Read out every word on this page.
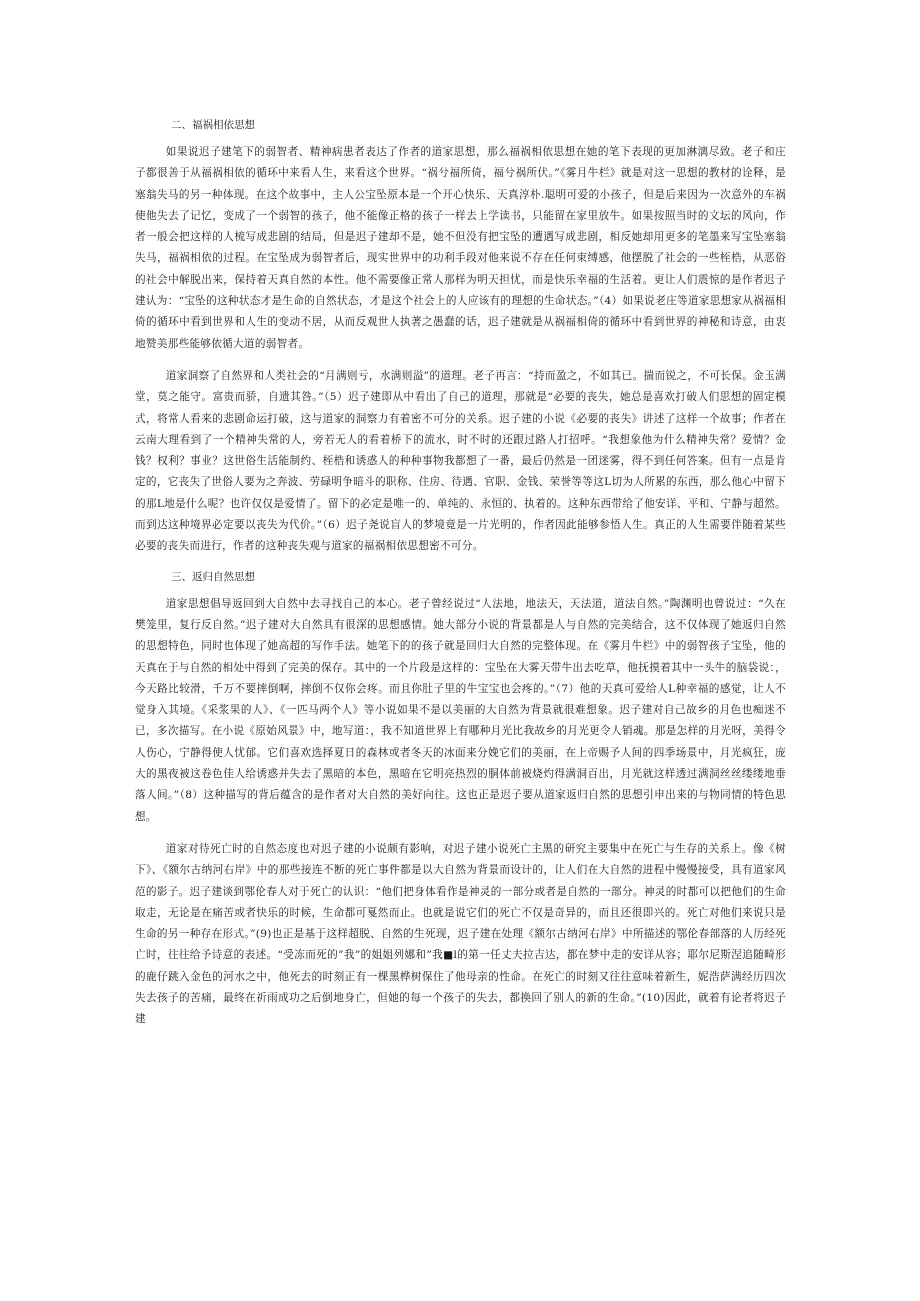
二、福祸相依思想

如果说迟子建笔下的弱智者、精神病患者表达了作者的道家思想，那么福祸相依思想在她的笔下表现的更加淋漓尽致。老子和庄子都很善于从福祸相依的循环中来看人生，来看这个世界。“祸兮福所倚，福兮祸所伏。”《雾月牛栏》就是对这一思想的教材的诠释，是塞翁失马的另一种体现。在这个故事中，主人公宝坠原本是一个开心快乐、天真淳朴.聪明可爱的小孩子，但是后来因为一次意外的车祸使他失去了记忆，变成了一个弱智的孩子，他不能像正格的孩子一样去上学读书，只能留在家里放牛。如果按照当时的文坛的风向，作者一般会把这样的人梳写成悲剧的结局，但是迟子建却不是，她不但没有把宝坠的遭遇写成悲剧，相反她却用更多的笔墨来写宝坠塞翁失马，福祸相依的过程。在宝坠成为弱智者后，现实世界中的功利手段对他来说不存在任何束缚感，他摆脱了社会的一些桎梏，从恶俗的社会中解脱出来，保持着天真自然的本性。他不需要像正常人那样为明天担忧，而是快乐幸福的生活着。更让人们震惊的是作者迟子建认为：“宝坠的这种状态才是生命的自然状态，才是这个社会上的人应该有的理想的生命状态。”（4）如果说老庄等道家思想家从祸福相倚的循环中看到世界和人生的变动不居，从而反观世人执著之愚蠢的话，迟子建就是从祸福相倚的循环中看到世界的神秘和诗意，由衷地赞美那些能够依循大道的弱智者。

道家洞察了自然界和人类社会的“月满则亏，水满则溢”的道理。老子再言：“持而盈之，不如其已。揣而锐之，不可长保。金玉满堂，莫之能守。富贵而骄，自遗其咎。”（5）迟子建即从中看出了自己的道理，那就是“必要的丧失，她总是喜欢打破人们思想的固定模式，将常人看来的悲剧命运打破，这与道家的洞察力有着密不可分的关系。迟子建的小说《必要的丧失》讲述了这样一个故事；作者在云南大理看到了一个精神失常的人，旁若无人的看着桥下的流水，时不时的还跟过路人打招呼。“我想象他为什么精神失常？爱情？金钱？权利？事业？这世俗生活能制约、桎梏和诱惑人的种种事物我都想了一番，最后仍然是一团迷雾，得不到任何答案。但有一点是肯定的，它丧失了世俗人要为之奔波、劳碌明争暗斗的职称、住房、待遇、官职、金钱、荣誉等等这L切为人所累的东西，那么他心中留下的那L地是什么呢？也许仅仅是爱情了。留下的必定是唯一的、单纯的、永恒的、执着的。这种东西带给了他安详、平和、宁静与超然。而到达这种境界必定要以丧失为代价。”（6）迟子尧说盲人的梦境竟是一片光明的，作者因此能够参悟人生。真正的人生需要伴随着某些必要的丧失而进行，作者的这种丧失观与道家的福祸相依思想密不可分。

三、返归自然思想

道家思想倡导返回到大自然中去寻找自己的本心。老子曾经说过“人法地，地法天，天法道，道法自然。”陶渊明也曾说过：“久在樊笼里，复行反自然。”迟子建对大自然具有很深的思想感情。她大部分小说的背景都是人与自然的完美结合，这不仅体现了她返归自然的思想特色，同时也体现了她高超的写作手法。她笔下的的孩子就是回归大自然的完整体现。在《雾月牛栏》中的弱智孩子宝坠，他的天真在于与自然的相处中得到了完美的保存。其中的一个片段是这样的：宝坠在大雾天带牛出去吃草，他抚摸着其中一头牛的脑袋说：，今天路比较滑，千万不要摔倒啊，摔倒不仅你会疼。而且你肚子里的牛宝宝也会疼的。”（7）他的天真可爱给人L种幸福的感觉，让人不觉身入其境。《采浆果的人》、《一匹马两个人》等小说如果不是以美丽的大自然为背景就很难想象。迟子建对自己故乡的月色也痴迷不已，多次描写。在小说《原始风景》中，地写道：，我不知道世界上有哪种月光比我故乡的月光更令人销魂。那是怎样的月光呀，美得令人伤心，宁静得使人忧郁。它们喜欢选择夏日的森林或者冬天的冰面来分娩它们的美丽，在上帝赐予人间的四季场景中，月光疯狂，庞大的黑夜被这卷色佳人给诱惑并失去了黑暗的本色，黑暗在它明亮热烈的胴体前被烧灼得满洞百出，月光就这样透过满洞丝丝缕缕地垂落人间。”（8）这种描写的背后蕴含的是作者对大自然的美好向往。这也正是迟子要从道家返归自然的思想引申出来的与物同情的特色思想。

道家对待死亡时的自然态度也对迟子建的小说颇有影响，对迟子建小说死亡主黑的研究主要集中在死亡与生存的关系上。像《树下》、《额尔古纳河右岸》中的那些接连不断的死亡事件都是以大自然为背景而设计的，让人们在大自然的进程中慢慢接受，具有道家风范的影子。迟子建谈到鄂伦春人对于死亡的认识：“他们把身体看作是神灵的一部分或者是自然的一部分。神灵的时都可以把他们的生命取走，无论是在痛苦或者快乐的时候，生命都可戛然而止。也就是说它们的死亡不仅是奇异的，而且还很即兴的。死亡对他们来说只是生命的另一种存在形式。”(9)也正是基于这样超脱、自然的生死现，迟子建在处理《额尔古纳河右岸》中所描述的鄂伦春部落的人历经死亡时，往往给予诗意的表述。“受冻而死的”我”的姐姐列娜和”我■l的第一任丈夫拉吉达，都在梦中走的安详从容；耶尔尼斯涅追随畸形的鹿仔跳入金色的河水之中，他死去的时刻正有一棵黑桦树保住了他母亲的性命。在死亡的时刻又往往意味着新生，妮浩萨满经历四次失去孩子的苦痛，最终在祈雨成功之后倒地身亡，但她的每一个孩子的失去，都换回了别人的新的生命。”(10)因此，就着有论者将迟子建
